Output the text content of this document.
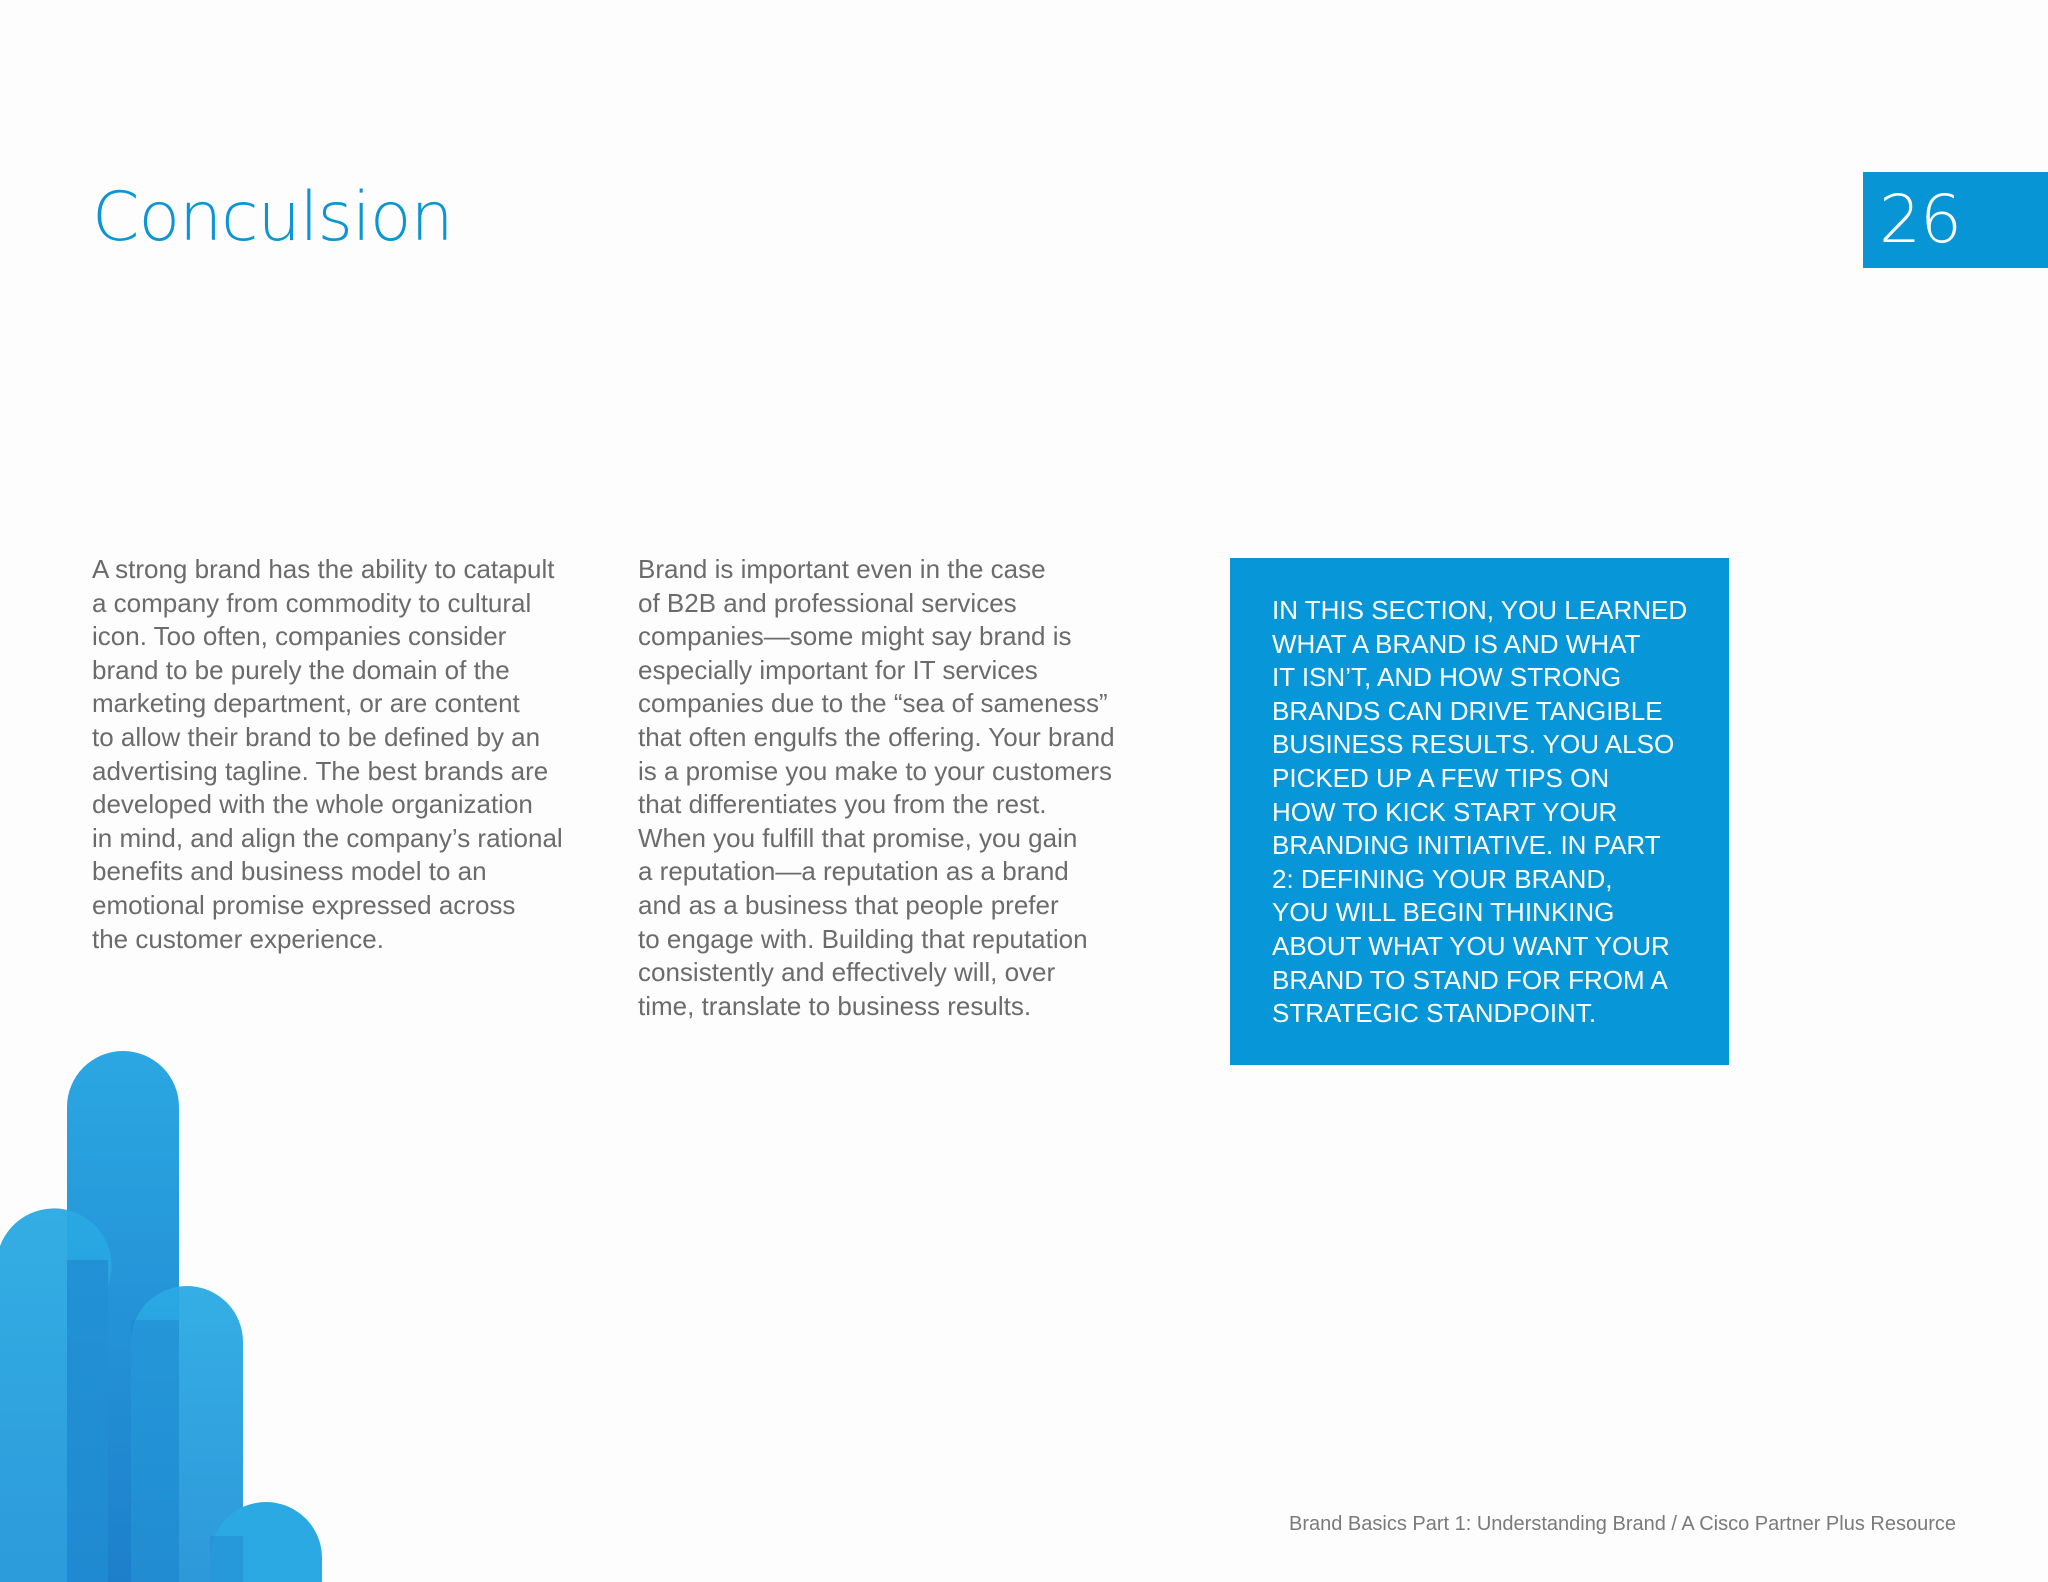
Conculsion	26

A strong brand has the ability to catapult
a company from commodity to cultural
icon. Too often, companies consider
brand to be purely the domain of the
marketing department, or are content
to allow their brand to be defined by an
advertising tagline. The best brands are
developed with the whole organization
in mind, and align the company’s rational
benefits and business model to an
emotional promise expressed across
the customer experience.

Brand is important even in the case
of B2B and professional services
companies—some might say brand is
especially important for IT services
companies due to the “sea of sameness”
that often engulfs the offering. Your brand
is a promise you make to your customers
that differentiates you from the rest.
When you fulfill that promise, you gain
a reputation—a reputation as a brand
and as a business that people prefer
to engage with. Building that reputation
consistently and effectively will, over
time, translate to business results.

IN THIS SECTION, YOU LEARNED
WHAT A BRAND IS AND WHAT
IT ISN’T, AND HOW STRONG
BRANDS CAN DRIVE TANGIBLE
BUSINESS RESULTS. YOU ALSO
PICKED UP A FEW TIPS ON
HOW TO KICK START YOUR
BRANDING INITIATIVE. IN PART
2: DEFINING YOUR BRAND,
YOU WILL BEGIN THINKING
ABOUT WHAT YOU WANT YOUR
BRAND TO STAND FOR FROM A
STRATEGIC STANDPOINT.

Brand Basics Part 1: Understanding Brand / A Cisco Partner Plus Resource
